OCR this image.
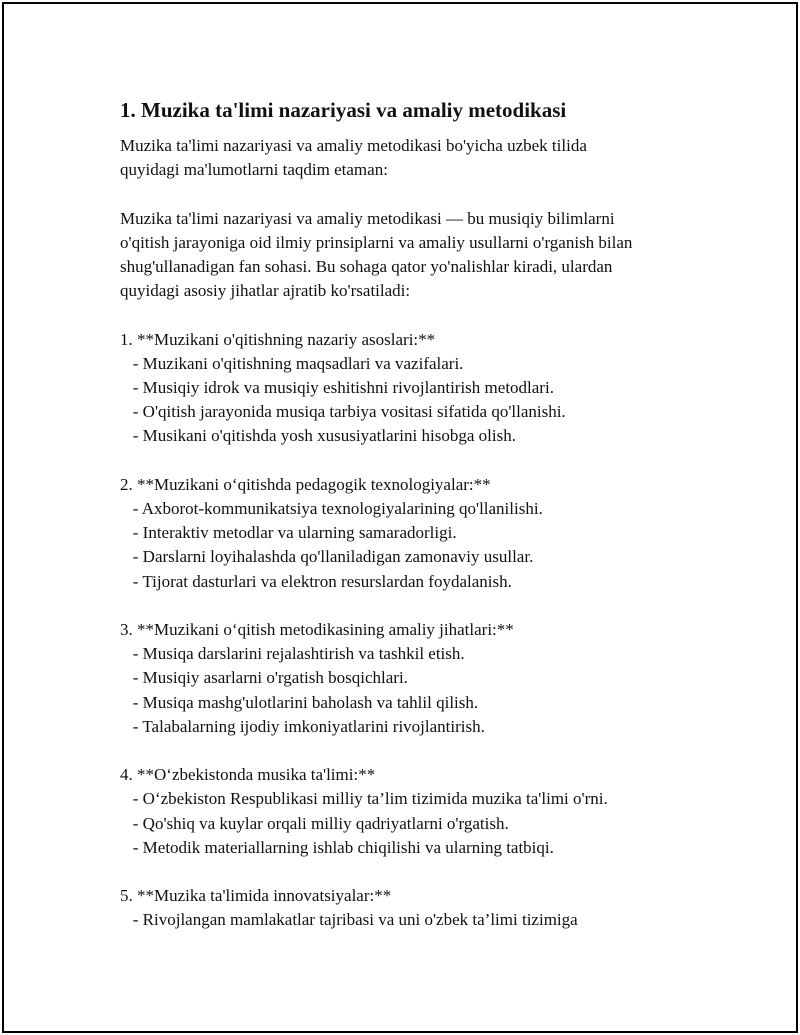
1. Muzika ta'limi nazariyasi va amaliy metodikasi

Muzika ta'limi nazariyasi va amaliy metodikasi bo'yicha uzbek tilida
quyidagi ma'lumotlarni taqdim etaman:

Muzika ta'limi nazariyasi va amaliy metodikasi — bu musiqiy bilimlarni
o'qitish jarayoniga oid ilmiy prinsiplarni va amaliy usullarni o'rganish bilan
shug'ullanadigan fan sohasi. Bu sohaga qator yo'nalishlar kiradi, ulardan
quyidagi asosiy jihatlar ajratib ko'rsatiladi:

1. **Muzikani o'qitishning nazariy asoslari:**
- Muzikani o'qitishning maqsadlari va vazifalari.
- Musiqiy idrok va musiqiy eshitishni rivojlantirish metodlari.
- O'qitish jarayonida musiqa tarbiya vositasi sifatida qo'llanishi.
- Musikani o'qitishda yosh xususiyatlarini hisobga olish.
2. **Muzikani o‘qitishda pedagogik texnologiyalar:**
- Axborot-kommunikatsiya texnologiyalarining qo'llanilishi.
- Interaktiv metodlar va ularning samaradorligi.
- Darslarni loyihalashda qo'llaniladigan zamonaviy usullar.
- Tijorat dasturlari va elektron resurslardan foydalanish.
3. **Muzikani o‘qitish metodikasining amaliy jihatlari:**
- Musiqa darslarini rejalashtirish va tashkil etish.
- Musiqiy asarlarni o'rgatish bosqichlari.
- Musiqa mashg'ulotlarini baholash va tahlil qilish.
- Talabalarning ijodiy imkoniyatlarini rivojlantirish.
4. **O‘zbekistonda musika ta'limi:**
- O‘zbekiston Respublikasi milliy ta’lim tizimida muzika ta'limi o'rni.
- Qo'shiq va kuylar orqali milliy qadriyatlarni o'rgatish.
- Metodik materiallarning ishlab chiqilishi va ularning tatbiqi.
5. **Muzika ta'limida innovatsiyalar:**
- Rivojlangan mamlakatlar tajribasi va uni o'zbek ta’limi tizimiga
